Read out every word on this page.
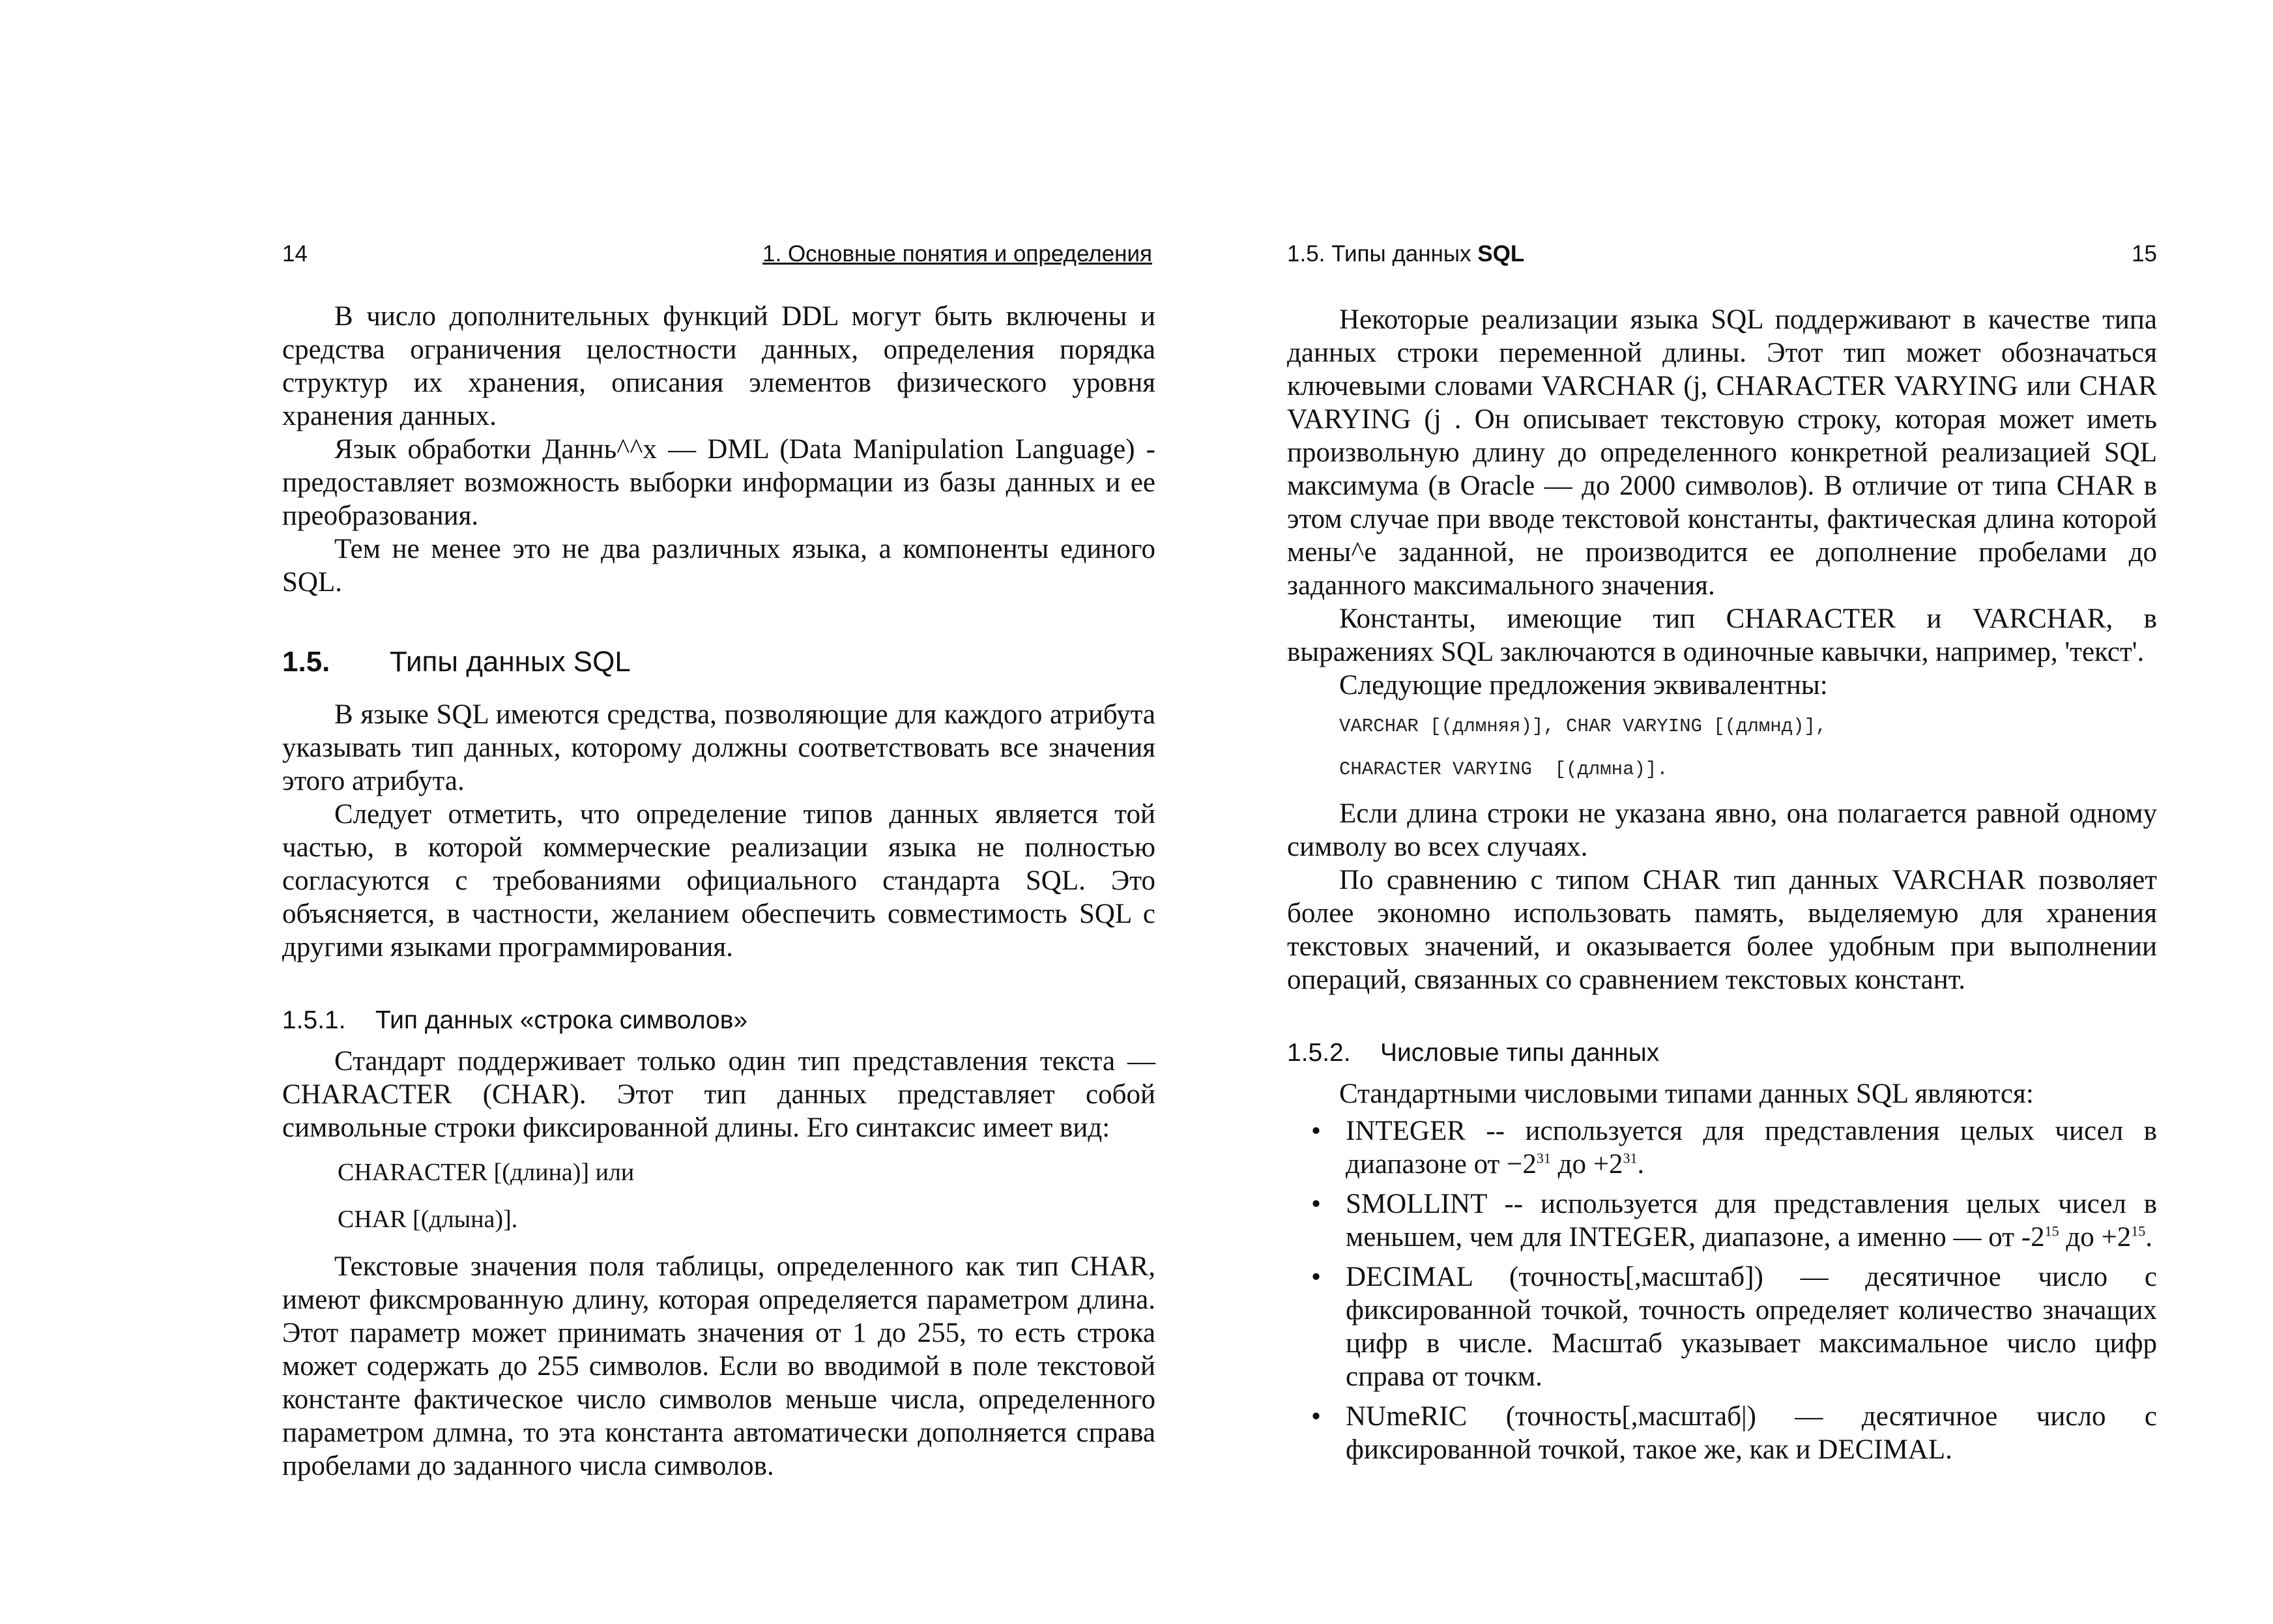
14	1. Основные понятия и определения

В число дополнительных функций DDL могут быть включены и средства ограничения целостности данных, определения порядка структур их хранения, описания элементов физического уровня хранения данных.

Язык обработки Даннь^^х — DML (Data Manipulation Language) - предоставляет возможность выборки информации из базы данных и ее преобразования.

Тем не менее это не два различных языка, а компоненты единого SQL.

1.5. Типы данных SQL

В языке SQL имеются средства, позволяющие для каждого атрибута указывать тип данных, которому должны соответствовать все значения этого атрибута.

Следует отметить, что определение типов данных является той частью, в которой коммерческие реализации языка не полностью согласуются с требованиями официального стандарта SQL. Это объясняется, в частности, желанием обеспечить совместимость SQL с другими языками программирования.

1.5.1. Тип данных «строка символов»

Стандарт поддерживает только один тип представления текста — CHARACTER (CHAR). Этот тип данных представляет собой символьные строки фиксированной длины. Его синтаксис имеет вид:

CHARACTER [(длина)] или
CHAR [(длына)].

Текстовые значения поля таблицы, определенного как тип CHAR, имеют фиксмрованную длину, которая определяется параметром длина. Этот параметр может принимать значения от 1 до 255, то есть строка может содержать до 255 символов. Если во вводимой в поле текстовой константе фактическое число символов меньше числа, определенного параметром длмна, то эта константа автоматически дополняется справа пробелами до заданного числа символов.

1.5. Типы данных SQL	15

Некоторые реализации языка SQL поддерживают в качестве типа данных строки переменной длины. Этот тип может обозначаться ключевыми словами VARCHAR (j, CHARACTER VARYING или CHAR VARYING (j . Он описывает текстовую строку, которая может иметь произвольную длину до определенного конкретной реализацией SQL максимума (в Oracle — до 2000 символов). В отличие от типа CHAR в этом случае при вводе текстовой константы, фактическая длина которой мены^е заданной, не производится ее дополнение пробелами до заданного максимального значения.

Константы, имеющие тип CHARACTER и VARCHAR, в выражениях SQL заключаются в одиночные кавычки, например, 'текст'.

Следующие предложения эквивалентны:

VARCHAR [(длмняя)], CHAR VARYING [(длмнд)],
CHARACTER VARYING  [(длмна)].

Если длина строки не указана явно, она полагается равной одному символу во всех случаях.

По сравнению с типом CHAR тип данных VARCHAR позволяет более экономно использовать память, выделяемую для хранения текстовых значений, и оказывается более удобным при выполнении операций, связанных со сравнением текстовых констант.

1.5.2. Числовые типы данных

Стандартными числовыми типами данных SQL являются:

• INTEGER -- используется для представления целых чисел в диапазоне от $-2^{31}$ до $+2^{31}$.

• SMOLLINT -- используется для представления целых чисел в меньшем, чем для INTEGER, диапазоне, а именно — от $-2^{15}$ до $+2^{15}$.

• DECIMAL (точность[,масштаб]) — десятичное число с фиксированной точкой, точность определяет количество значащих цифр в числе. Масштаб указывает максимальное число цифр справа от точкм.

• NUmeRIC (точность[,масштаб|) — десятичное число с фиксированной точкой, такое же, как и DECIMAL.
